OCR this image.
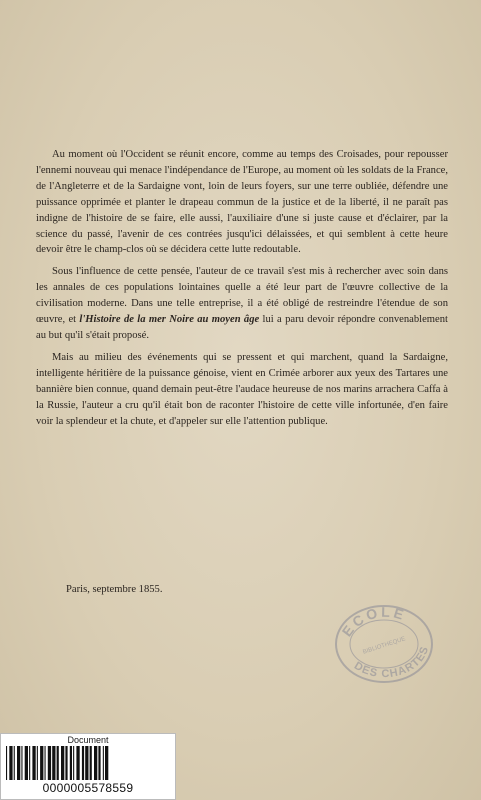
Au moment où l'Occident se réunit encore, comme au temps des Croisades, pour repousser l'ennemi nouveau qui menace l'indépendance de l'Europe, au moment où les soldats de la France, de l'Angleterre et de la Sardaigne vont, loin de leurs foyers, sur une terre oubliée, défendre une puissance opprimée et planter le drapeau commun de la justice et de la liberté, il ne paraît pas indigne de l'histoire de se faire, elle aussi, l'auxiliaire d'une si juste cause et d'éclairer, par la science du passé, l'avenir de ces contrées jusqu'ici délaissées, et qui semblent à cette heure devoir être le champ-clos où se décidera cette lutte redoutable.

Sous l'influence de cette pensée, l'auteur de ce travail s'est mis à rechercher avec soin dans les annales de ces populations lointaines quelle a été leur part de l'œuvre collective de la civilisation moderne. Dans une telle entreprise, il a été obligé de restreindre l'étendue de son œuvre, et l'Histoire de la mer Noire au moyen âge lui a paru devoir répondre convenablement au but qu'il s'était proposé.

Mais au milieu des événements qui se pressent et qui marchent, quand la Sardaigne, intelligente héritière de la puissance génoise, vient en Crimée arborer aux yeux des Tartares une bannière bien connue, quand demain peut-être l'audace heureuse de nos marins arrachera Caffa à la Russie, l'auteur a cru qu'il était bon de raconter l'histoire de cette ville infortunée, d'en faire voir la splendeur et la chute, et d'appeler sur elle l'attention publique.

Paris, septembre 1855.
ECOLE
BIBLIOTHEQUE
DES CHARTES
Document
0000005578559
